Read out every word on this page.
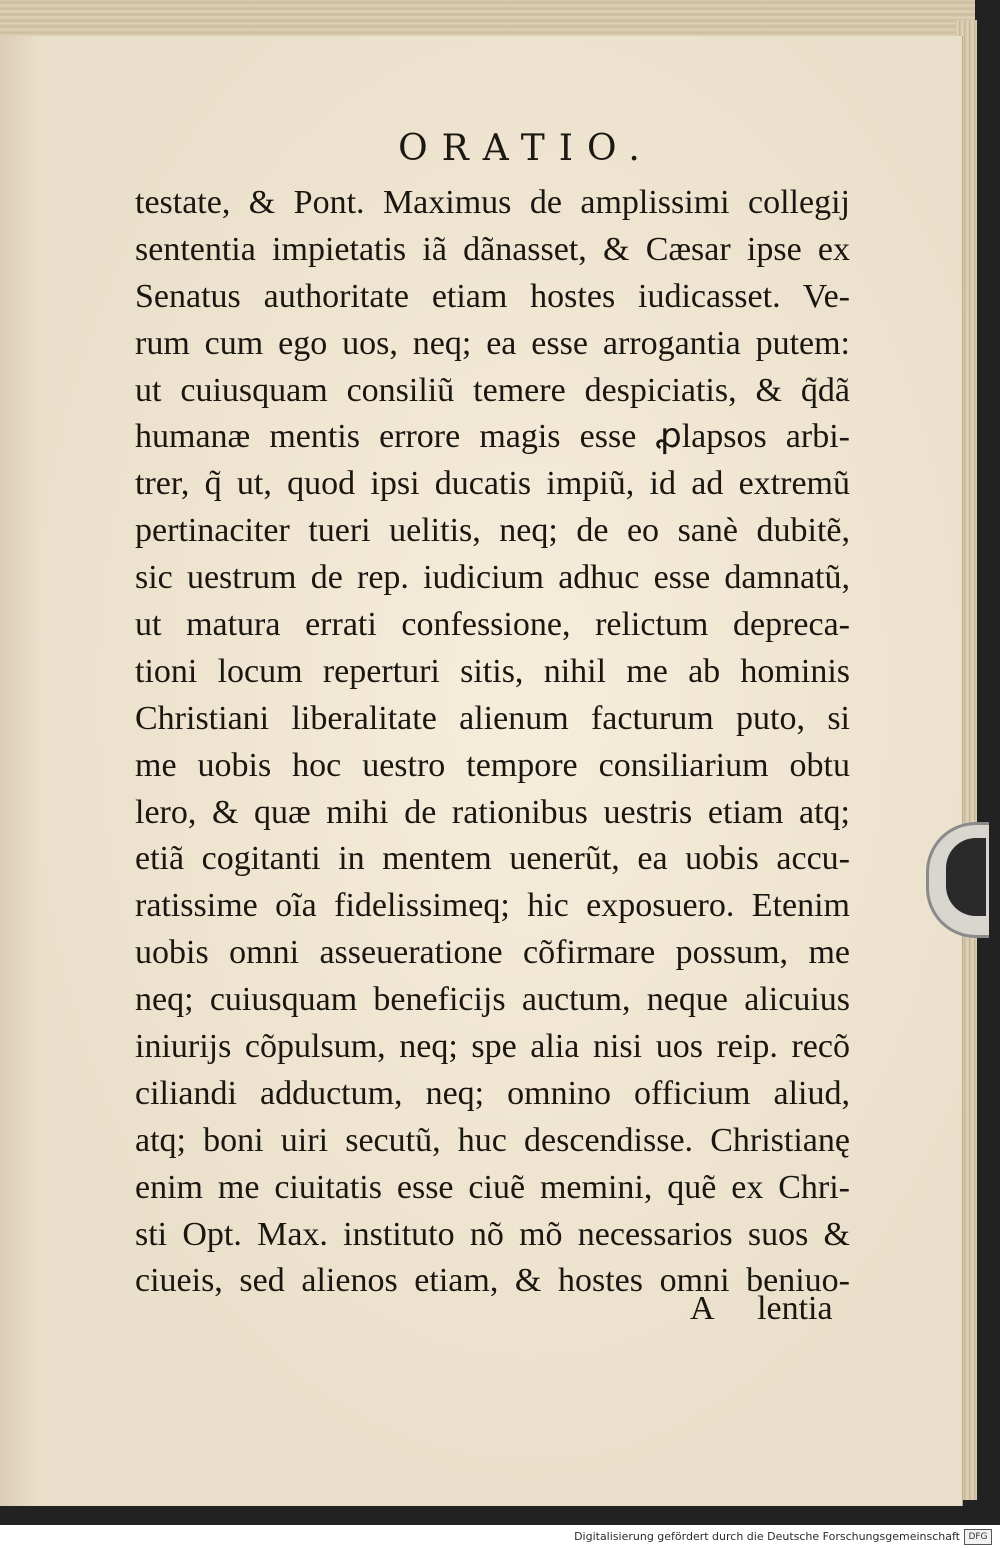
ORATIO.
testate, & Pont. Maximus de amplissimi collegij
sententia impietatis iã dãnasset, & Cæsar ipse ex
Senatus authoritate etiam hostes iudicasset. Ve-
rum cum ego uos, neq; ea esse arrogantia putem:
ut cuiusquam consiliũ temere despiciatis, & q̃dã
humanæ mentis errore magis esse ꝓlapsos arbi-
trer, q̃ ut, quod ipsi ducatis impiũ, id ad extremũ
pertinaciter tueri uelitis, neq; de eo sanè dubitẽ,
sic uestrum de rep. iudicium adhuc esse damnatũ,
ut matura errati confessione, relictum depreca-
tioni locum reperturi sitis, nihil me ab hominis
Christiani liberalitate alienum facturum puto, si
me uobis hoc uestro tempore consiliarium obtu
lero, & quæ mihi de rationibus uestris etiam atq;
etiã cogitanti in mentem uenerũt, ea uobis accu-
ratissime oĩa fidelissimeq; hic exposuero. Etenim
uobis omni asseueratione cõfirmare possum, me
neq; cuiusquam beneficijs auctum, neque alicuius
iniurijs cõpulsum, neq; spe alia nisi uos reip. recõ
ciliandi adductum, neq; omnino officium aliud,
atq; boni uiri secutũ, huc descendisse. Christianę
enim me ciuitatis esse ciuẽ memini, quẽ ex Chri-
sti Opt. Max. instituto nõ mõ necessarios suos &
ciueis, sed alienos etiam, & hostes omni beniuo-
A lentia
Digitalisierung gefördert durch die Deutsche Forschungsgemeinschaft DFG
